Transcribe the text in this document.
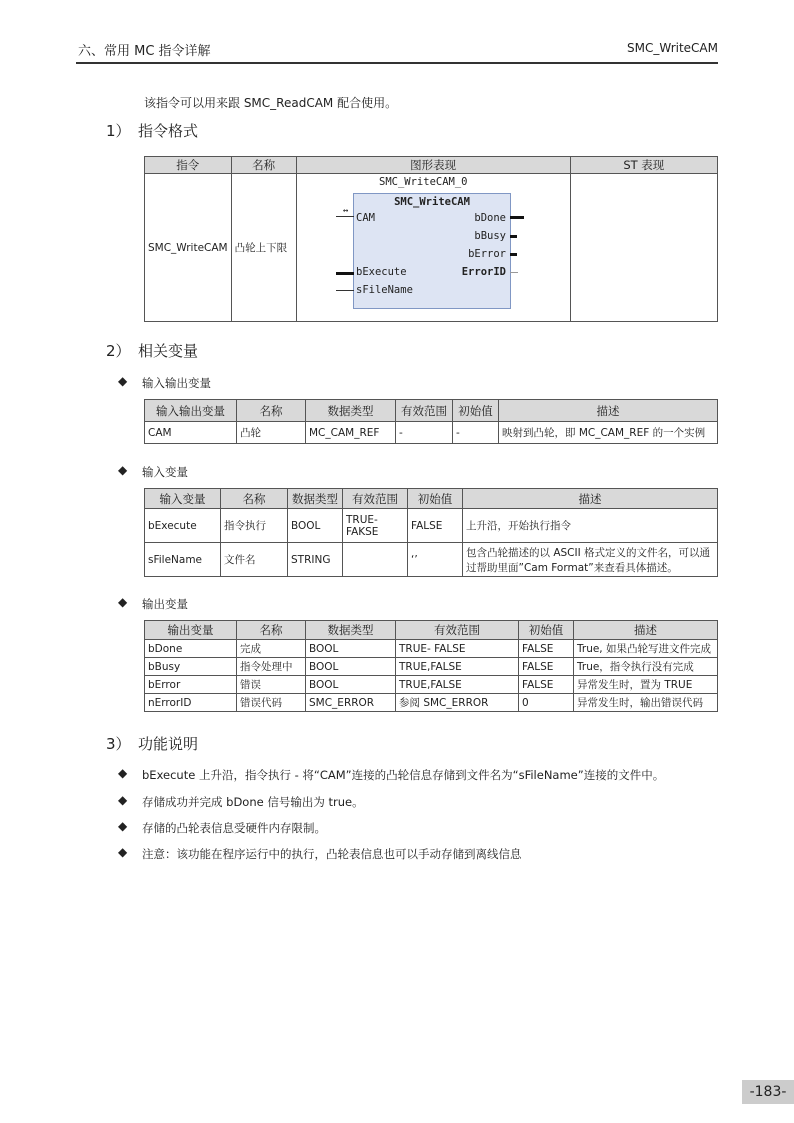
六、常用 MC 指令详解	SMC_WriteCAM
该指令可以用来跟 SMC_ReadCAM 配合使用。
1）　指令格式
指令	名称	图形表现	ST 表现
SMC_WriteCAM	凸轮上下限		
SMC_WriteCAM_0
SMC_WriteCAM
↔
CAM
bExecute
sFileName
bDone
bBusy
bError
ErrorID
2）　相关变量
◆ 输入输出变量
输入输出变量	名称	数据类型	有效范围	初始值	描述
CAM	凸轮	MC_CAM_REF	-	-	映射到凸轮，即 MC_CAM_REF 的一个实例
◆ 输入变量
输入变量	名称	数据类型	有效范围	初始值	描述
bExecute	指令执行	BOOL	TRUE-FAKSE	FALSE	上升沿，开始执行指令
sFileName	文件名	STRING		‘’	包含凸轮描述的以 ASCII 格式定义的文件名，可以通过帮助里面”Cam Format”来查看具体描述。
◆ 输出变量
输出变量	名称	数据类型	有效范围	初始值	描述
bDone	完成	BOOL	TRUE- FALSE	FALSE	True, 如果凸轮写进文件完成
bBusy	指令处理中	BOOL	TRUE,FALSE	FALSE	True，指令执行没有完成
bError	错误	BOOL	TRUE,FALSE	FALSE	异常发生时，置为 TRUE
nErrorID	错误代码	SMC_ERROR	参阅 SMC_ERROR	0	异常发生时，输出错误代码
3）　功能说明
◆ bExecute 上升沿，指令执行 - 将“CAM”连接的凸轮信息存储到文件名为“sFileName”连接的文件中。
◆ 存储成功并完成 bDone 信号输出为 true。
◆ 存储的凸轮表信息受硬件内存限制。
◆ 注意：该功能在程序运行中的执行，凸轮表信息也可以手动存储到离线信息
-183-
